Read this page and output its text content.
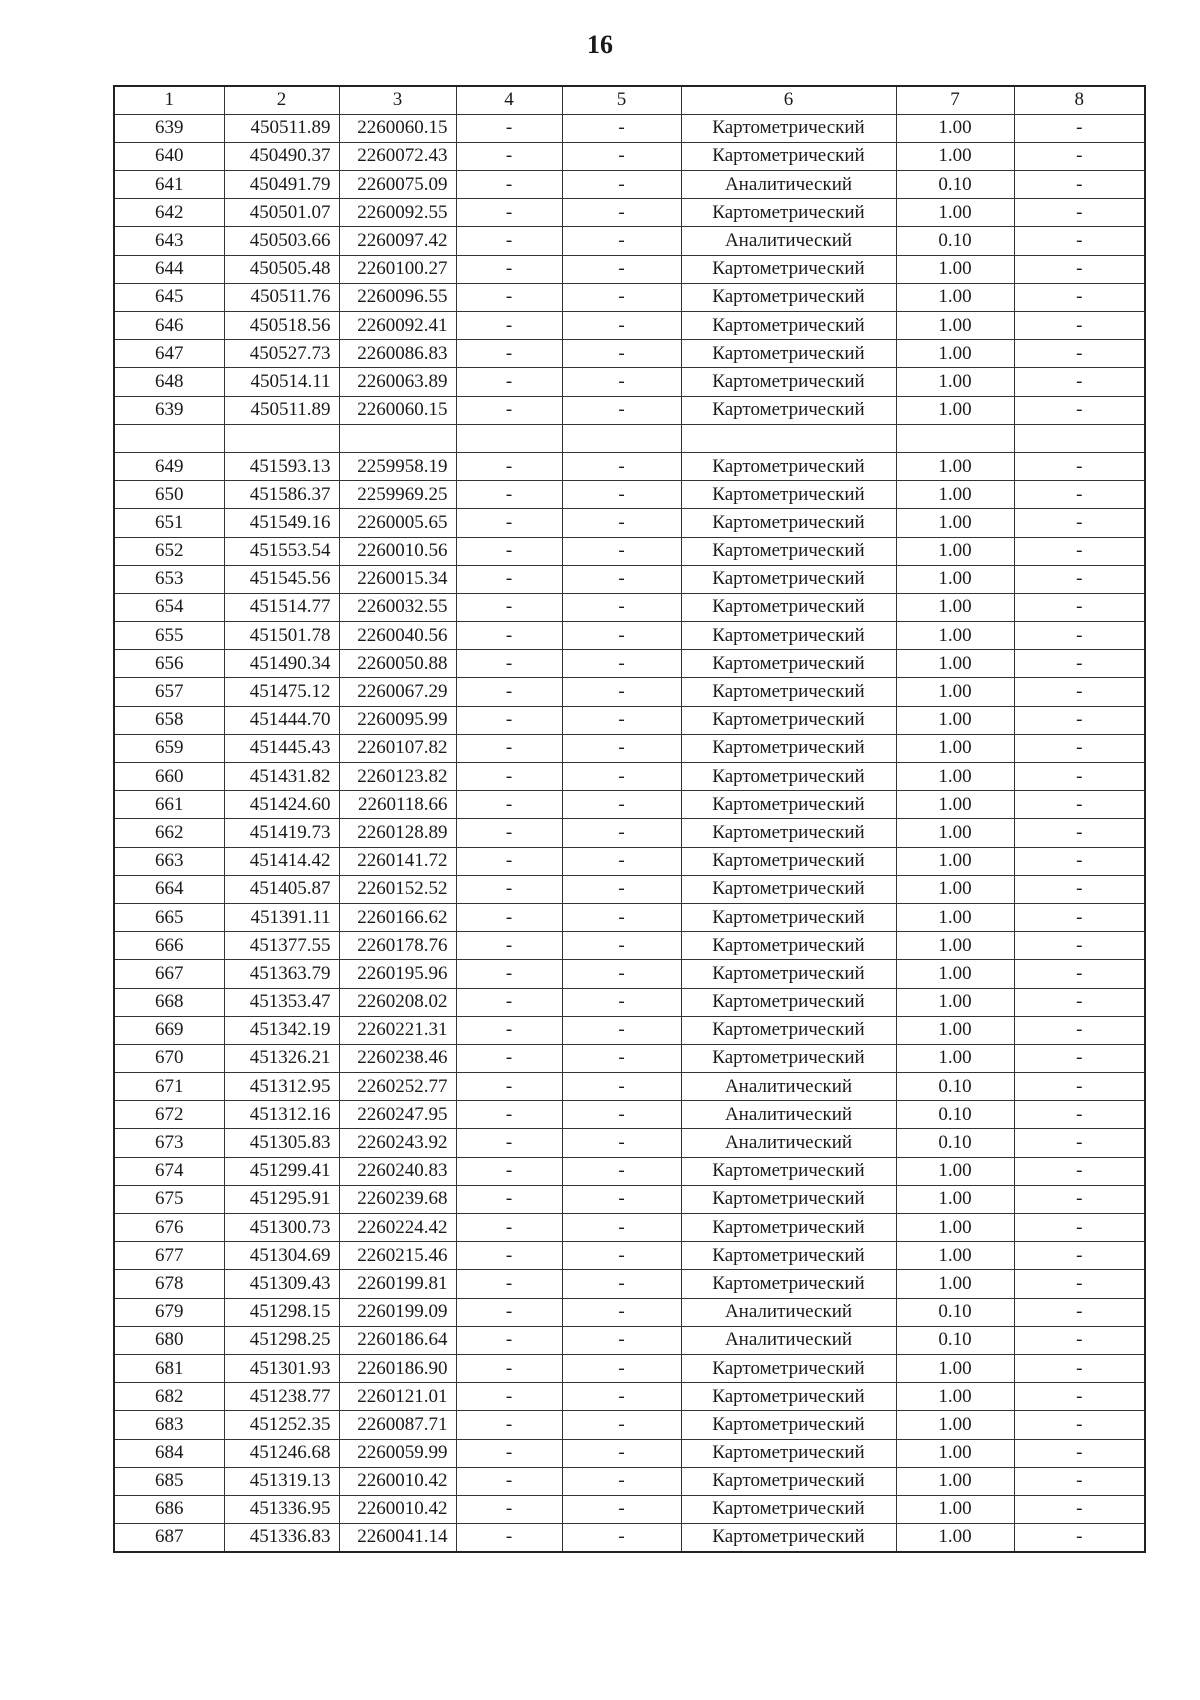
16
1	2	3	4	5	6	7	8
639	450511.89	2260060.15	-	-	Картометрический	1.00	-
640	450490.37	2260072.43	-	-	Картометрический	1.00	-
641	450491.79	2260075.09	-	-	Аналитический	0.10	-
642	450501.07	2260092.55	-	-	Картометрический	1.00	-
643	450503.66	2260097.42	-	-	Аналитический	0.10	-
644	450505.48	2260100.27	-	-	Картометрический	1.00	-
645	450511.76	2260096.55	-	-	Картометрический	1.00	-
646	450518.56	2260092.41	-	-	Картометрический	1.00	-
647	450527.73	2260086.83	-	-	Картометрический	1.00	-
648	450514.11	2260063.89	-	-	Картометрический	1.00	-
639	450511.89	2260060.15	-	-	Картометрический	1.00	-

649	451593.13	2259958.19	-	-	Картометрический	1.00	-
650	451586.37	2259969.25	-	-	Картометрический	1.00	-
651	451549.16	2260005.65	-	-	Картометрический	1.00	-
652	451553.54	2260010.56	-	-	Картометрический	1.00	-
653	451545.56	2260015.34	-	-	Картометрический	1.00	-
654	451514.77	2260032.55	-	-	Картометрический	1.00	-
655	451501.78	2260040.56	-	-	Картометрический	1.00	-
656	451490.34	2260050.88	-	-	Картометрический	1.00	-
657	451475.12	2260067.29	-	-	Картометрический	1.00	-
658	451444.70	2260095.99	-	-	Картометрический	1.00	-
659	451445.43	2260107.82	-	-	Картометрический	1.00	-
660	451431.82	2260123.82	-	-	Картометрический	1.00	-
661	451424.60	2260118.66	-	-	Картометрический	1.00	-
662	451419.73	2260128.89	-	-	Картометрический	1.00	-
663	451414.42	2260141.72	-	-	Картометрический	1.00	-
664	451405.87	2260152.52	-	-	Картометрический	1.00	-
665	451391.11	2260166.62	-	-	Картометрический	1.00	-
666	451377.55	2260178.76	-	-	Картометрический	1.00	-
667	451363.79	2260195.96	-	-	Картометрический	1.00	-
668	451353.47	2260208.02	-	-	Картометрический	1.00	-
669	451342.19	2260221.31	-	-	Картометрический	1.00	-
670	451326.21	2260238.46	-	-	Картометрический	1.00	-
671	451312.95	2260252.77	-	-	Аналитический	0.10	-
672	451312.16	2260247.95	-	-	Аналитический	0.10	-
673	451305.83	2260243.92	-	-	Аналитический	0.10	-
674	451299.41	2260240.83	-	-	Картометрический	1.00	-
675	451295.91	2260239.68	-	-	Картометрический	1.00	-
676	451300.73	2260224.42	-	-	Картометрический	1.00	-
677	451304.69	2260215.46	-	-	Картометрический	1.00	-
678	451309.43	2260199.81	-	-	Картометрический	1.00	-
679	451298.15	2260199.09	-	-	Аналитический	0.10	-
680	451298.25	2260186.64	-	-	Аналитический	0.10	-
681	451301.93	2260186.90	-	-	Картометрический	1.00	-
682	451238.77	2260121.01	-	-	Картометрический	1.00	-
683	451252.35	2260087.71	-	-	Картометрический	1.00	-
684	451246.68	2260059.99	-	-	Картометрический	1.00	-
685	451319.13	2260010.42	-	-	Картометрический	1.00	-
686	451336.95	2260010.42	-	-	Картометрический	1.00	-
687	451336.83	2260041.14	-	-	Картометрический	1.00	-
